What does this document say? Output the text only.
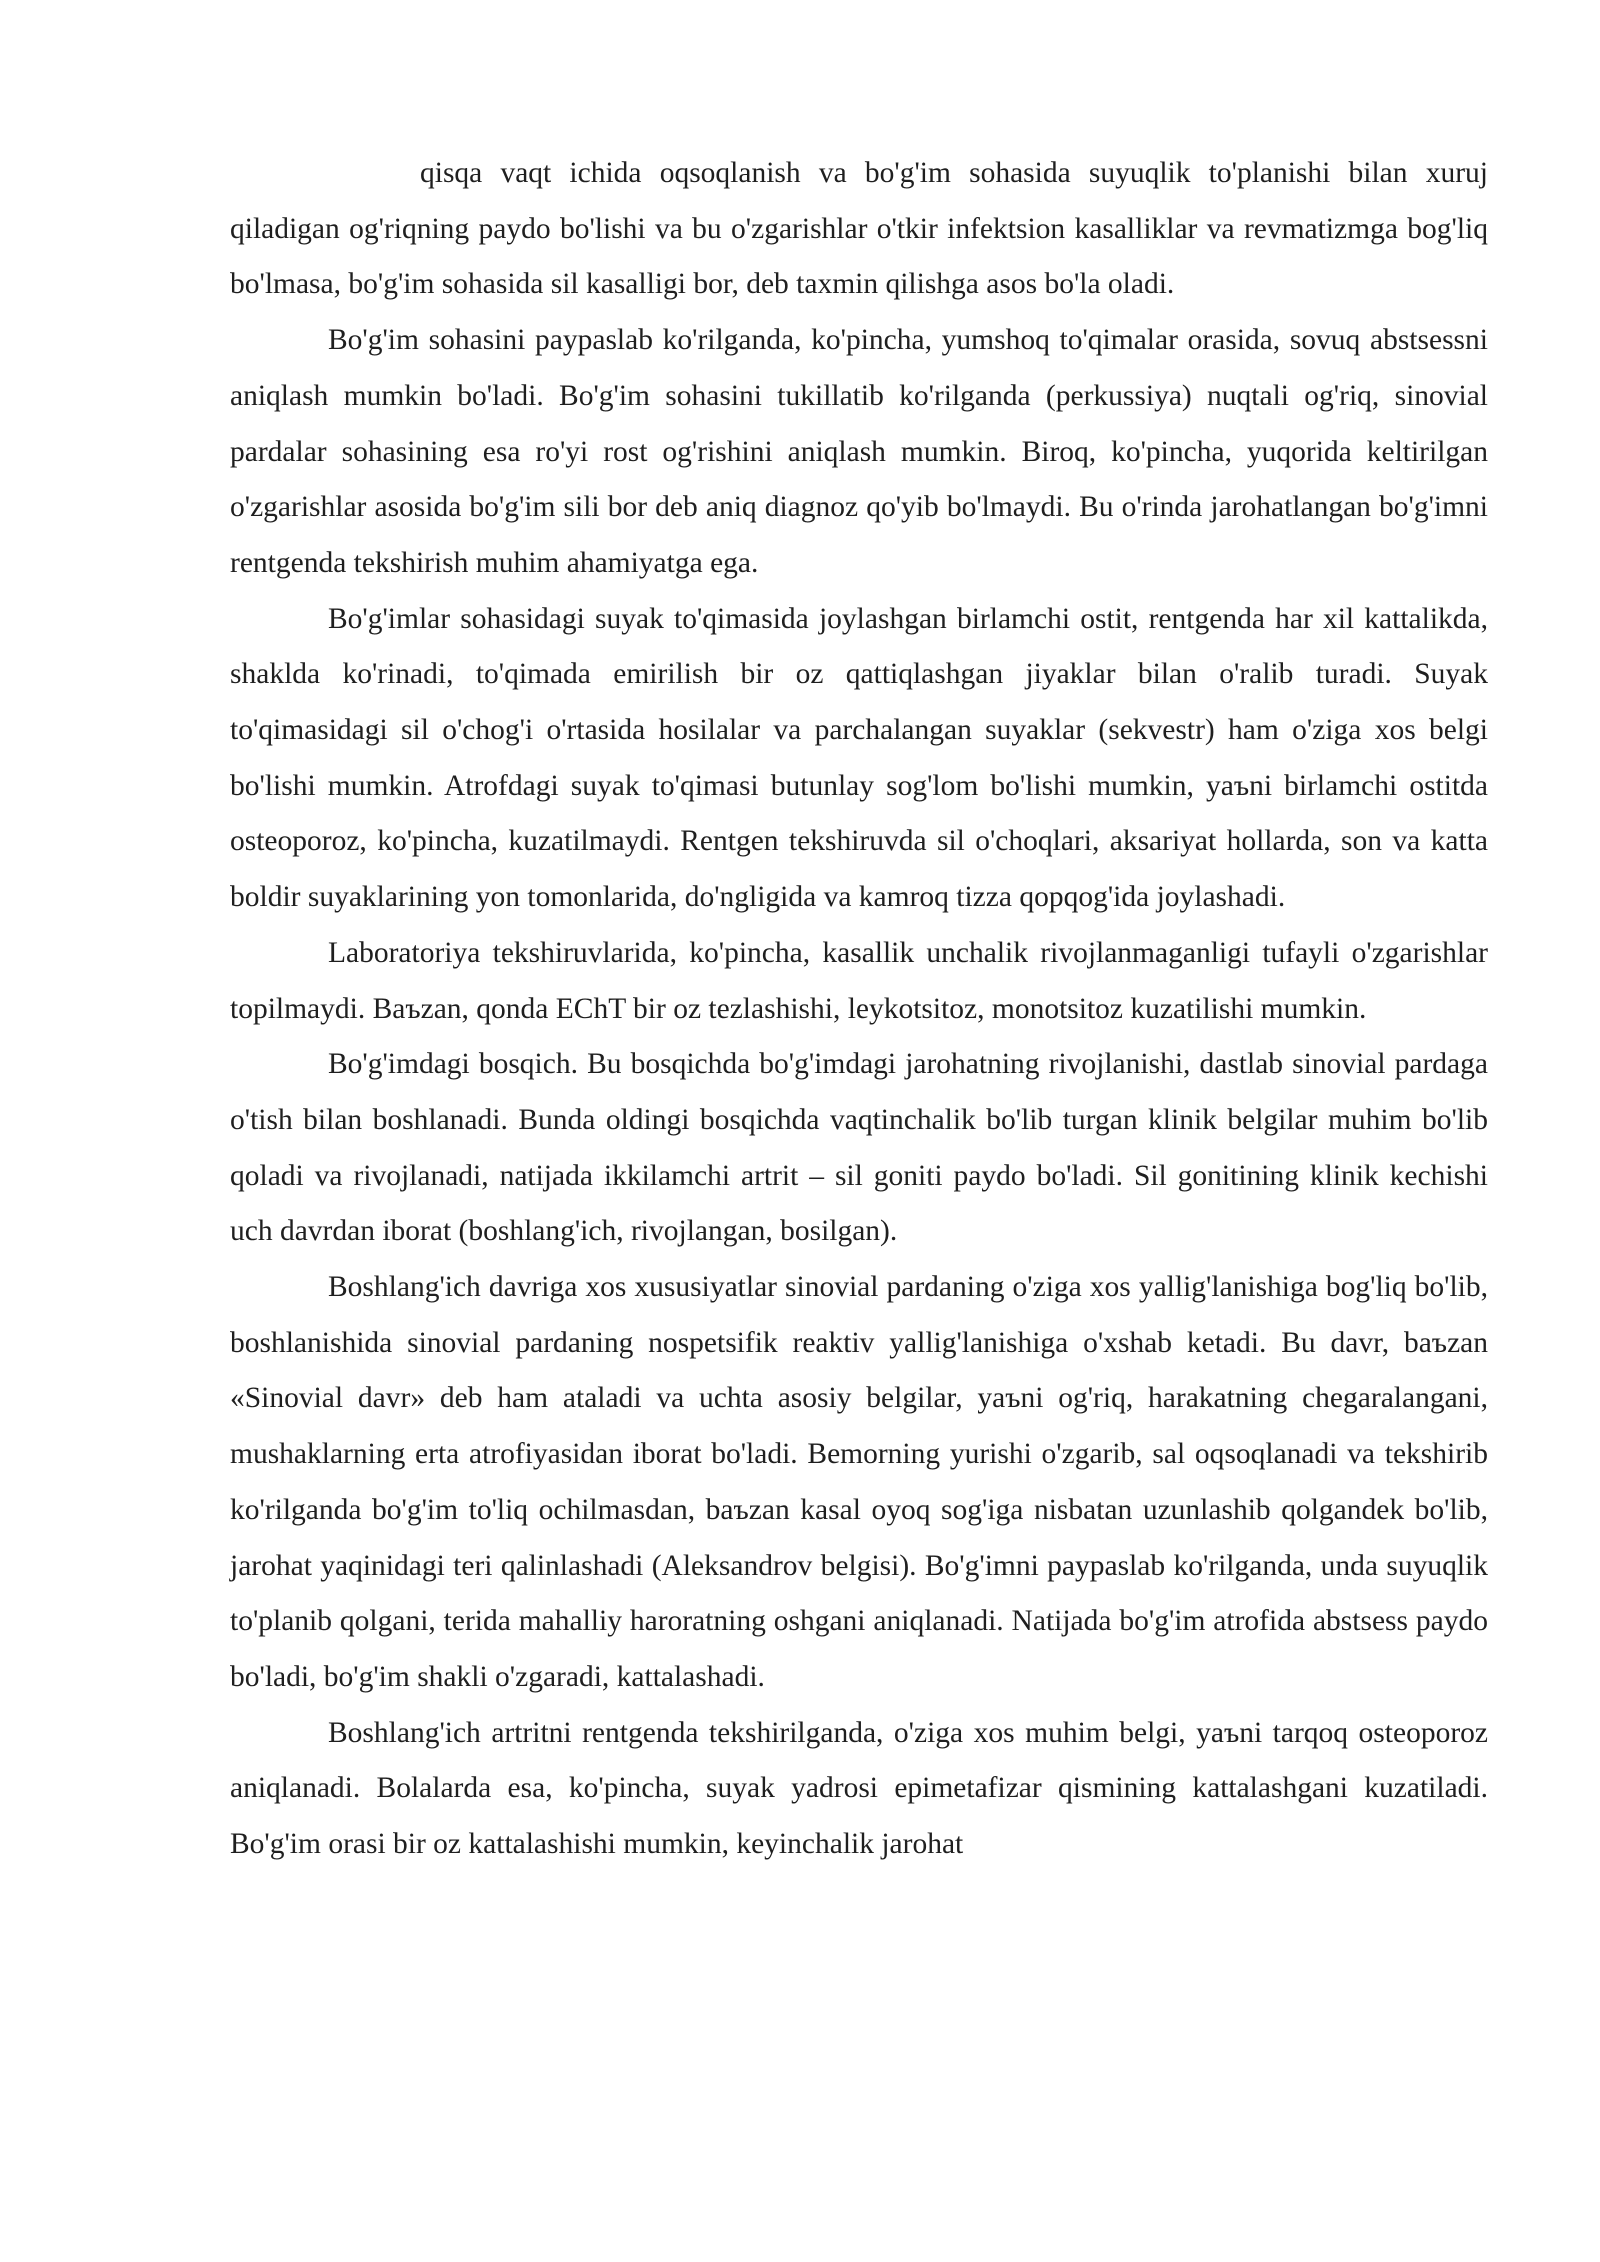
qisqa vaqt ichida oqsoqlanish va bo'g'im sohasida suyuqlik to'planishi bilan xuruj qiladigan og'riqning paydo bo'lishi va bu o'zgarishlar o'tkir infektsion kasalliklar va revmatizmga bog'liq bo'lmasa, bo'g'im sohasida sil kasalligi bor, deb taxmin qilishga asos bo'la oladi.

Bo'g'im sohasini paypaslab ko'rilganda, ko'pincha, yumshoq to'qimalar orasida, sovuq abstsessni aniqlash mumkin bo'ladi. Bo'g'im sohasini tukillatib ko'rilganda (perkussiya) nuqtali og'riq, sinovial pardalar sohasining esa ro'yi rost og'rishini aniqlash mumkin. Biroq, ko'pincha, yuqorida keltirilgan o'zgarishlar asosida bo'g'im sili bor deb aniq diagnoz qo'yib bo'lmaydi. Bu o'rinda jarohatlangan bo'g'imni rentgenda tekshirish muhim ahamiyatga ega.

Bo'g'imlar sohasidagi suyak to'qimasida joylashgan birlamchi ostit, rentgenda har xil kattalikda, shaklda ko'rinadi, to'qimada emirilish bir oz qattiqlashgan jiyaklar bilan o'ralib turadi. Suyak to'qimasidagi sil o'chog'i o'rtasida hosilalar va parchalangan suyaklar (sekvestr) ham o'ziga xos belgi bo'lishi mumkin. Atrofdagi suyak to'qimasi butunlay sog'lom bo'lishi mumkin, yaъni birlamchi ostitda osteoporoz, ko'pincha, kuzatilmaydi. Rentgen tekshiruvda sil o'choqlari, aksariyat hollarda, son va katta boldir suyaklarining yon tomonlarida, do'ngligida va kamroq tizza qopqog'ida joylashadi.

Laboratoriya tekshiruvlarida, ko'pincha, kasallik unchalik rivojlanmaganligi tufayli o'zgarishlar topilmaydi. Baъzan, qonda EChT bir oz tezlashishi, leykotsitoz, monotsitoz kuzatilishi mumkin.

Bo'g'imdagi bosqich. Bu bosqichda bo'g'imdagi jarohatning rivojlanishi, dastlab sinovial pardaga o'tish bilan boshlanadi. Bunda oldingi bosqichda vaqtinchalik bo'lib turgan klinik belgilar muhim bo'lib qoladi va rivojlanadi, natijada ikkilamchi artrit – sil goniti paydo bo'ladi. Sil gonitining klinik kechishi uch davrdan iborat (boshlang'ich, rivojlangan, bosilgan).

Boshlang'ich davriga xos xususiyatlar sinovial pardaning o'ziga xos yallig'lanishiga bog'liq bo'lib, boshlanishida sinovial pardaning nospetsifik reaktiv yallig'lanishiga o'xshab ketadi. Bu davr, baъzan «Sinovial davr» deb ham ataladi va uchta asosiy belgilar, yaъni og'riq, harakatning chegaralangani, mushaklarning erta atrofiyasidan iborat bo'ladi. Bemorning yurishi o'zgarib, sal oqsoqlanadi va tekshirib ko'rilganda bo'g'im to'liq ochilmasdan, baъzan kasal oyoq sog'iga nisbatan uzunlashib qolgandek bo'lib, jarohat yaqinidagi teri qalinlashadi (Aleksandrov belgisi). Bo'g'imni paypaslab ko'rilganda, unda suyuqlik to'planib qolgani, terida mahalliy haroratning oshgani aniqlanadi. Natijada bo'g'im atrofida abstsess paydo bo'ladi, bo'g'im shakli o'zgaradi, kattalashadi.

Boshlang'ich artritni rentgenda tekshirilganda, o'ziga xos muhim belgi, yaъni tarqoq osteoporoz aniqlanadi. Bolalarda esa, ko'pincha, suyak yadrosi epimetafizar qismining kattalashgani kuzatiladi. Bo'g'im orasi bir oz kattalashishi mumkin, keyinchalik jarohat
